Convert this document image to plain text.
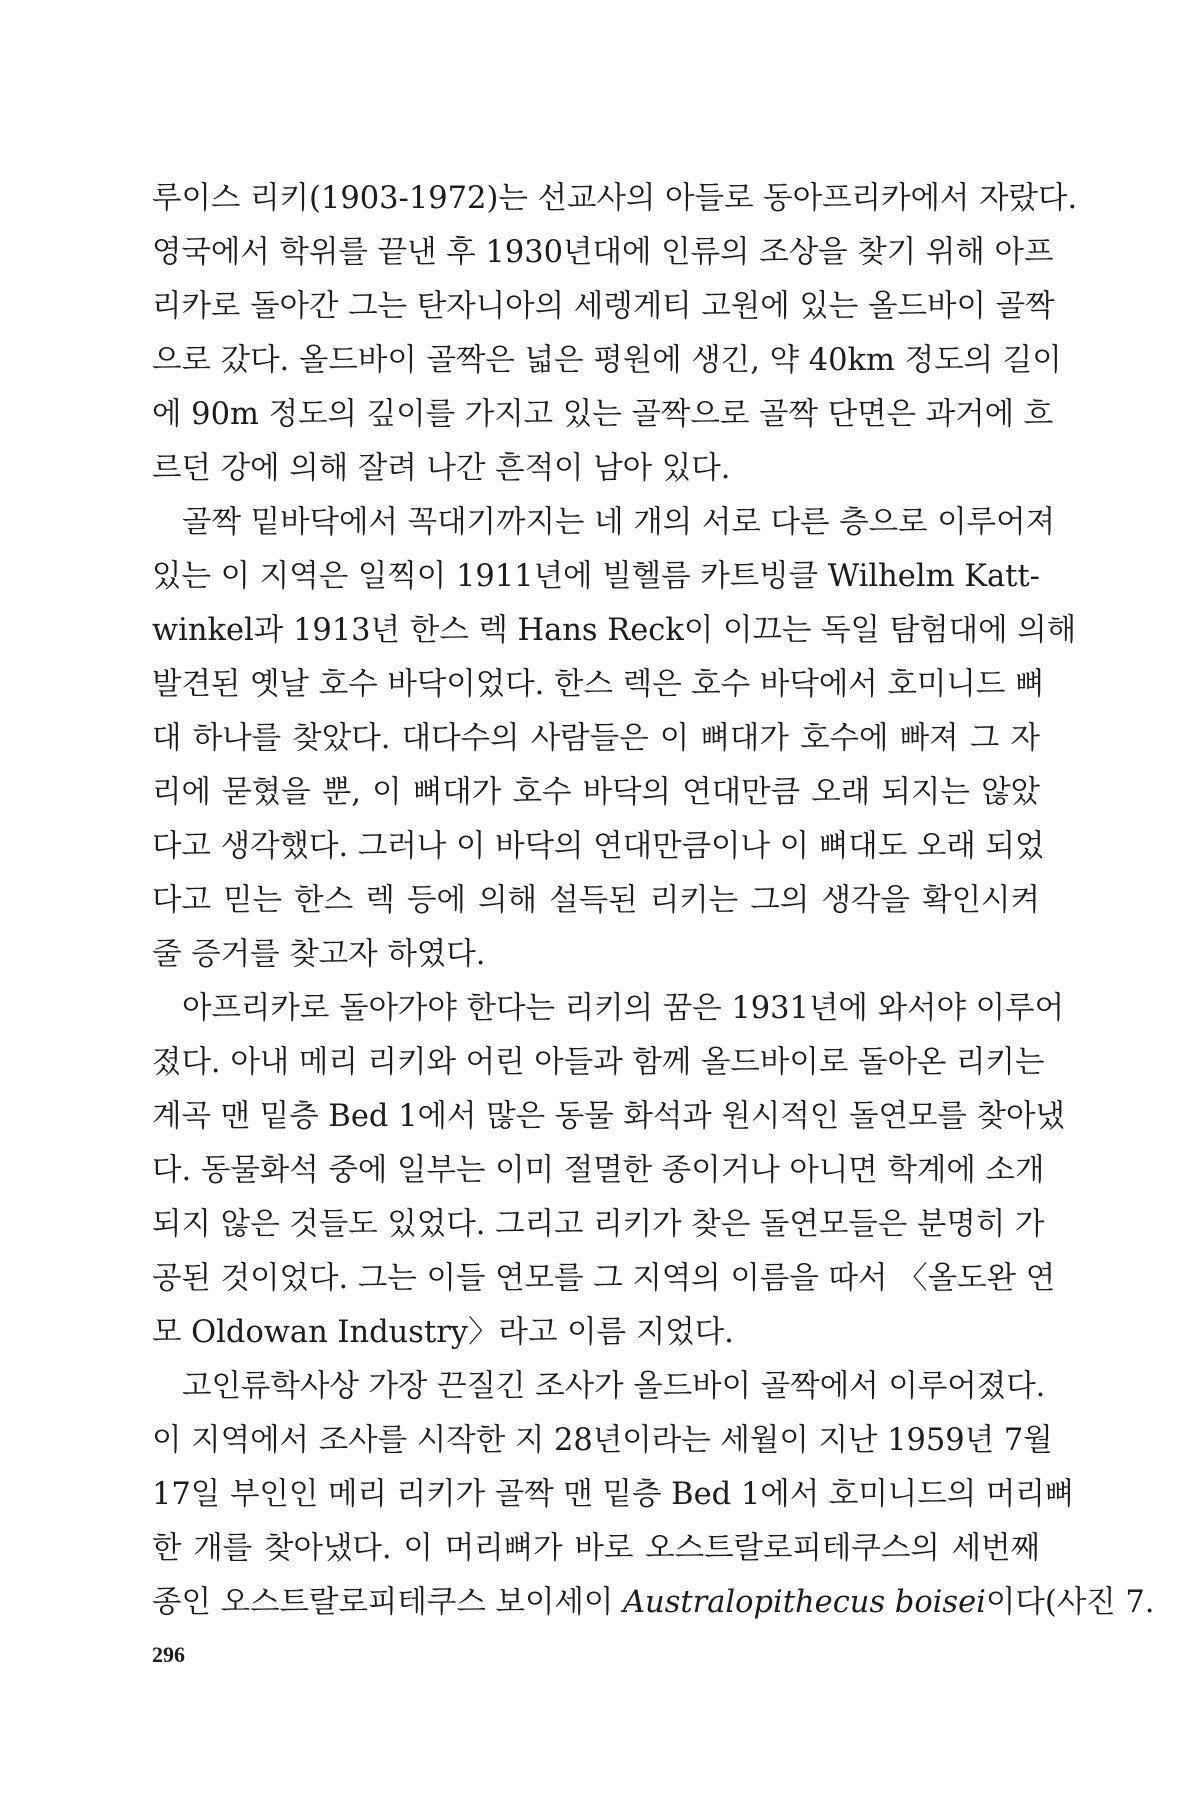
루이스 리키(1903-1972)는 선교사의 아들로 동아프리카에서 자랐다.
영국에서 학위를 끝낸 후 1930년대에 인류의 조상을 찾기 위해 아프
리카로 돌아간 그는 탄자니아의 세렝게티 고원에 있는 올드바이 골짝
으로 갔다. 올드바이 골짝은 넓은 평원에 생긴, 약 40km 정도의 길이
에 90m 정도의 깊이를 가지고 있는 골짝으로 골짝 단면은 과거에 흐
르던 강에 의해 잘려 나간 흔적이 남아 있다.
골짝 밑바닥에서 꼭대기까지는 네 개의 서로 다른 층으로 이루어져
있는 이 지역은 일찍이 1911년에 빌헬름 카트빙클 Wilhelm Katt-
winkel과 1913년 한스 렉 Hans Reck이 이끄는 독일 탐험대에 의해
발견된 옛날 호수 바닥이었다. 한스 렉은 호수 바닥에서 호미니드 뼈
대 하나를 찾았다. 대다수의 사람들은 이 뼈대가 호수에 빠져 그 자
리에 묻혔을 뿐, 이 뼈대가 호수 바닥의 연대만큼 오래 되지는 않았
다고 생각했다. 그러나 이 바닥의 연대만큼이나 이 뼈대도 오래 되었
다고 믿는 한스 렉 등에 의해 설득된 리키는 그의 생각을 확인시켜
줄 증거를 찾고자 하였다.
아프리카로 돌아가야 한다는 리키의 꿈은 1931년에 와서야 이루어
졌다. 아내 메리 리키와 어린 아들과 함께 올드바이로 돌아온 리키는
계곡 맨 밑층 Bed 1에서 많은 동물 화석과 원시적인 돌연모를 찾아냈
다. 동물화석 중에 일부는 이미 절멸한 종이거나 아니면 학계에 소개
되지 않은 것들도 있었다. 그리고 리키가 찾은 돌연모들은 분명히 가
공된 것이었다. 그는 이들 연모를 그 지역의 이름을 따서 〈올도완 연
모 Oldowan Industry〉라고 이름 지었다.
고인류학사상 가장 끈질긴 조사가 올드바이 골짝에서 이루어졌다.
이 지역에서 조사를 시작한 지 28년이라는 세월이 지난 1959년 7월
17일 부인인 메리 리키가 골짝 맨 밑층 Bed 1에서 호미니드의 머리뼈
한 개를 찾아냈다. 이 머리뼈가 바로 오스트랄로피테쿠스의 세번째
종인 오스트랄로피테쿠스 보이세이 Australopithecus boisei이다(사진 7.
296
